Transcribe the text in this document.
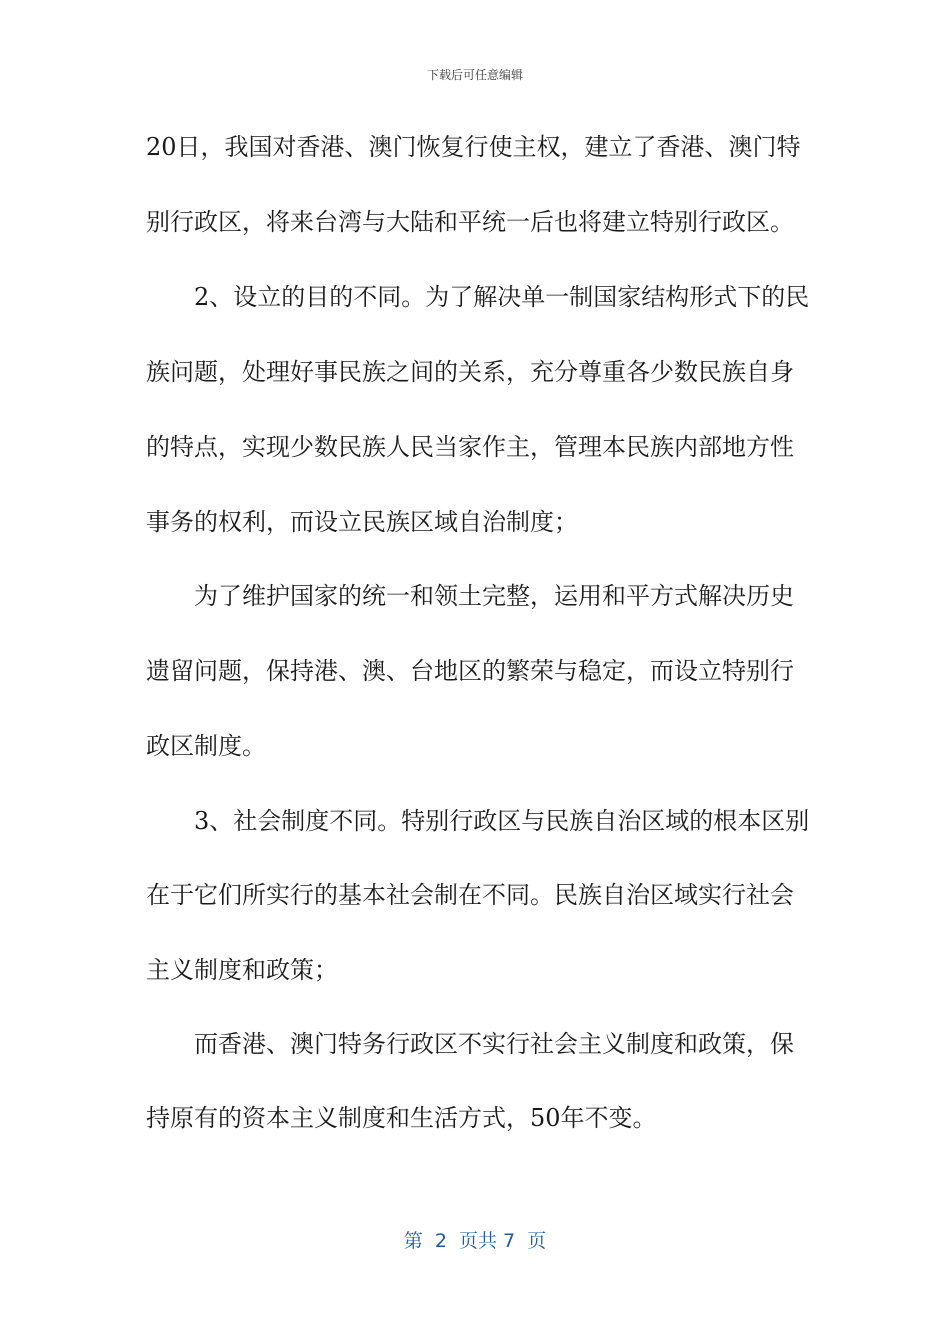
下载后可任意编辑
20日，我国对香港、澳门恢复行使主权，建立了香港、澳门特
别行政区，将来台湾与大陆和平统一后也将建立特别行政区。
2、设立的目的不同。为了解决单一制国家结构形式下的民
族问题，处理好事民族之间的关系，充分尊重各少数民族自身
的特点，实现少数民族人民当家作主，管理本民族内部地方性
事务的权利，而设立民族区域自治制度；
为了维护国家的统一和领土完整，运用和平方式解决历史
遗留问题，保持港、澳、台地区的繁荣与稳定，而设立特别行
政区制度。
3、社会制度不同。特别行政区与民族自治区域的根本区别
在于它们所实行的基本社会制在不同。民族自治区域实行社会
主义制度和政策；
而香港、澳门特务行政区不实行社会主义制度和政策，保
持原有的资本主义制度和生活方式，50年不变。
第  2  页共 7  页
